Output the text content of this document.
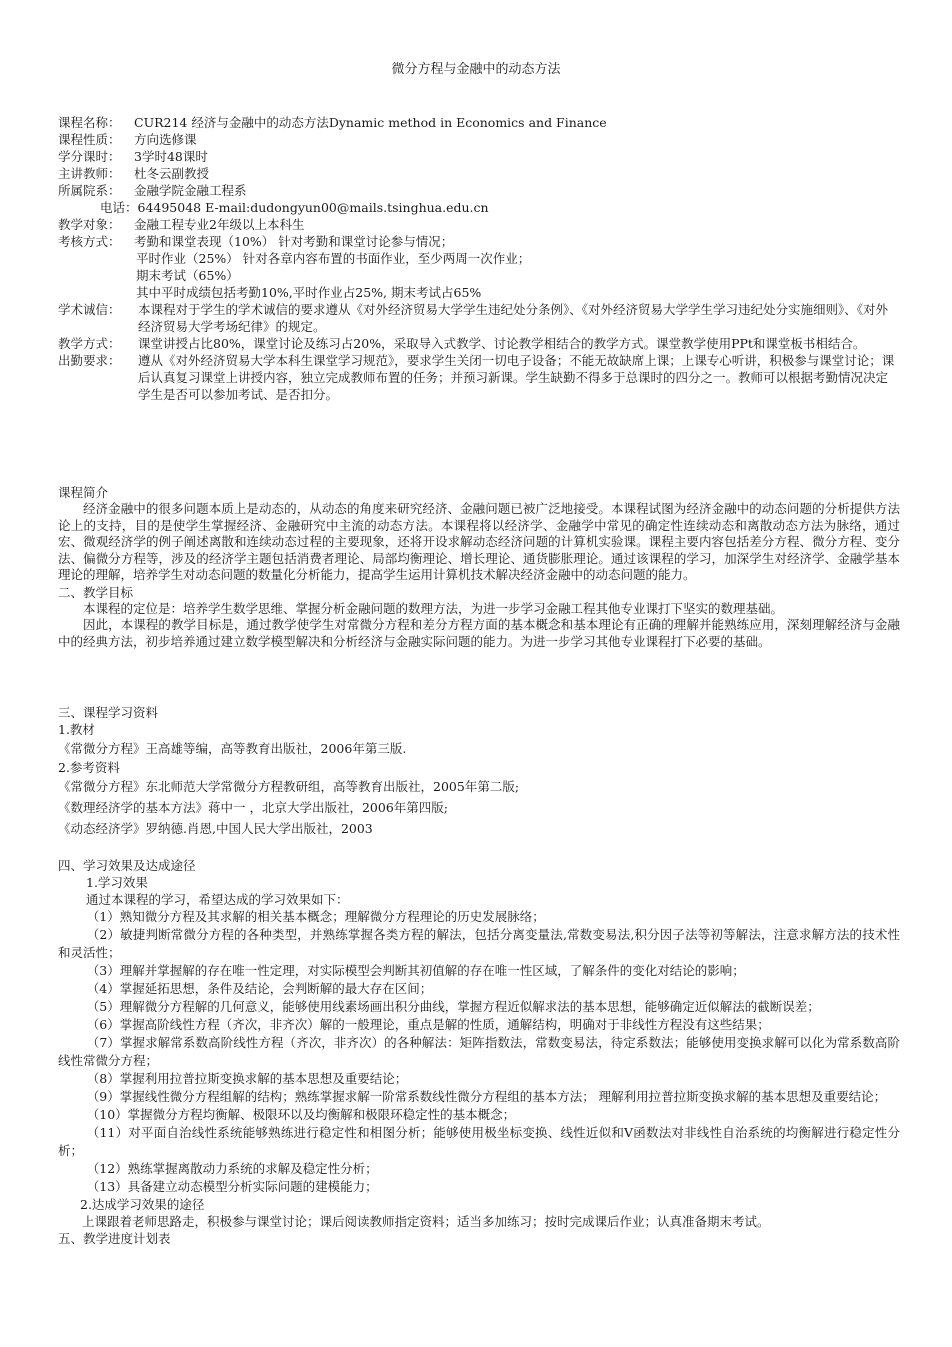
微分方程与金融中的动态方法
课程名称： CUR214 经济与金融中的动态方法Dynamic method in Economics and Finance
课程性质： 方向选修课
学分课时： 3学时48课时
主讲教师： 杜冬云副教授
所属院系： 金融学院金融工程系
电话：64495048 E-mail:dudongyun00@mails.tsinghua.edu.cn
教学对象： 金融工程专业2年级以上本科生
考核方式： 考勤和课堂表现（10%） 针对考勤和课堂讨论参与情况；
平时作业（25%） 针对各章内容布置的书面作业，至少两周一次作业；
期末考试（65%）
其中平时成绩包括考勤10%,平时作业占25%, 期末考试占65%
学术诚信：	本课程对于学生的学术诚信的要求遵从《对外经济贸易大学学生违纪处分条例》、《对外经济贸易大学学生学习违纪处分实施细则》、《对外经济贸易大学考场纪律》的规定。
教学方式：	课堂讲授占比80%，课堂讨论及练习占20%，采取导入式教学、讨论教学相结合的教学方式。课堂教学使用PPt和课堂板书相结合。
出勤要求：	遵从《对外经济贸易大学本科生课堂学习规范》，要求学生关闭一切电子设备；不能无故缺席上课；上课专心听讲，积极参与课堂讨论；课后认真复习课堂上讲授内容，独立完成教师布置的任务；并预习新课。学生缺勤不得多于总课时的四分之一。教师可以根据考勤情况决定学生是否可以参加考试、是否扣分。
课程简介
经济金融中的很多问题本质上是动态的，从动态的角度来研究经济、金融问题已被广泛地接受。本课程试图为经济金融中的动态问题的分析提供方法论上的支持，目的是使学生掌握经济、金融研究中主流的动态方法。本课程将以经济学、金融学中常见的确定性连续动态和离散动态方法为脉络，通过宏、微观经济学的例子阐述离散和连续动态过程的主要现象，还将开设求解动态经济问题的计算机实验课。课程主要内容包括差分方程、微分方程、变分法、偏微分方程等，涉及的经济学主题包括消费者理论、局部均衡理论、增长理论、通货膨胀理论。通过该课程的学习，加深学生对经济学、金融学基本理论的理解，培养学生对动态问题的数量化分析能力，提高学生运用计算机技术解决经济金融中的动态问题的能力。
二、教学目标
本课程的定位是：培养学生数学思维、掌握分析金融问题的数理方法，为进一步学习金融工程其他专业课打下坚实的数理基础。
因此，本课程的教学目标是，通过教学使学生对常微分方程和差分方程方面的基本概念和基本理论有正确的理解并能熟练应用，深刻理解经济与金融中的经典方法，初步培养通过建立数学模型解决和分析经济与金融实际问题的能力。为进一步学习其他专业课程打下必要的基础。
三、课程学习资料
1.教材
《常微分方程》王高雄等编，高等教育出版社，2006年第三版.
2.参考资料
《常微分方程》东北师范大学常微分方程教研组，高等教育出版社，2005年第二版;
《数理经济学的基本方法》蒋中一 ，北京大学出版社，2006年第四版;
《动态经济学》罗纳德.肖恩,中国人民大学出版社，2003
四、学习效果及达成途径
1.学习效果
通过本课程的学习，希望达成的学习效果如下：
（1）熟知微分方程及其求解的相关基本概念；理解微分方程理论的历史发展脉络；
（2）敏捷判断常微分方程的各种类型，并熟练掌握各类方程的解法，包括分离变量法,常数变易法,积分因子法等初等解法，注意求解方法的技术性和灵活性；
（3）理解并掌握解的存在唯一性定理，对实际模型会判断其初值解的存在唯一性区域，了解条件的变化对结论的影响；
（4）掌握延拓思想，条件及结论，会判断解的最大存在区间；
（5）理解微分方程解的几何意义，能够使用线素场画出积分曲线，掌握方程近似解求法的基本思想，能够确定近似解法的截断误差；
（6）掌握高阶线性方程（齐次，非齐次）解的一般理论，重点是解的性质，通解结构，明确对于非线性方程没有这些结果；
（7）掌握求解常系数高阶线性方程（齐次，非齐次）的各种解法：矩阵指数法，常数变易法，待定系数法；能够使用变换求解可以化为常系数高阶线性常微分方程；
（8）掌握利用拉普拉斯变换求解的基本思想及重要结论；
（9）掌握线性微分方程组解的结构；熟练掌握求解一阶常系数线性微分方程组的基本方法； 理解利用拉普拉斯变换求解的基本思想及重要结论；
（10）掌握微分方程均衡解、极限环以及均衡解和极限环稳定性的基本概念；
（11）对平面自治线性系统能够熟练进行稳定性和相图分析；能够使用极坐标变换、线性近似和V函数法对非线性自治系统的均衡解进行稳定性分析；
（12）熟练掌握离散动力系统的求解及稳定性分析；
（13）具备建立动态模型分析实际问题的建模能力；
2.达成学习效果的途径
上课跟着老师思路走，积极参与课堂讨论；课后阅读教师指定资料；适当多加练习；按时完成课后作业；认真准备期末考试。
五、教学进度计划表
